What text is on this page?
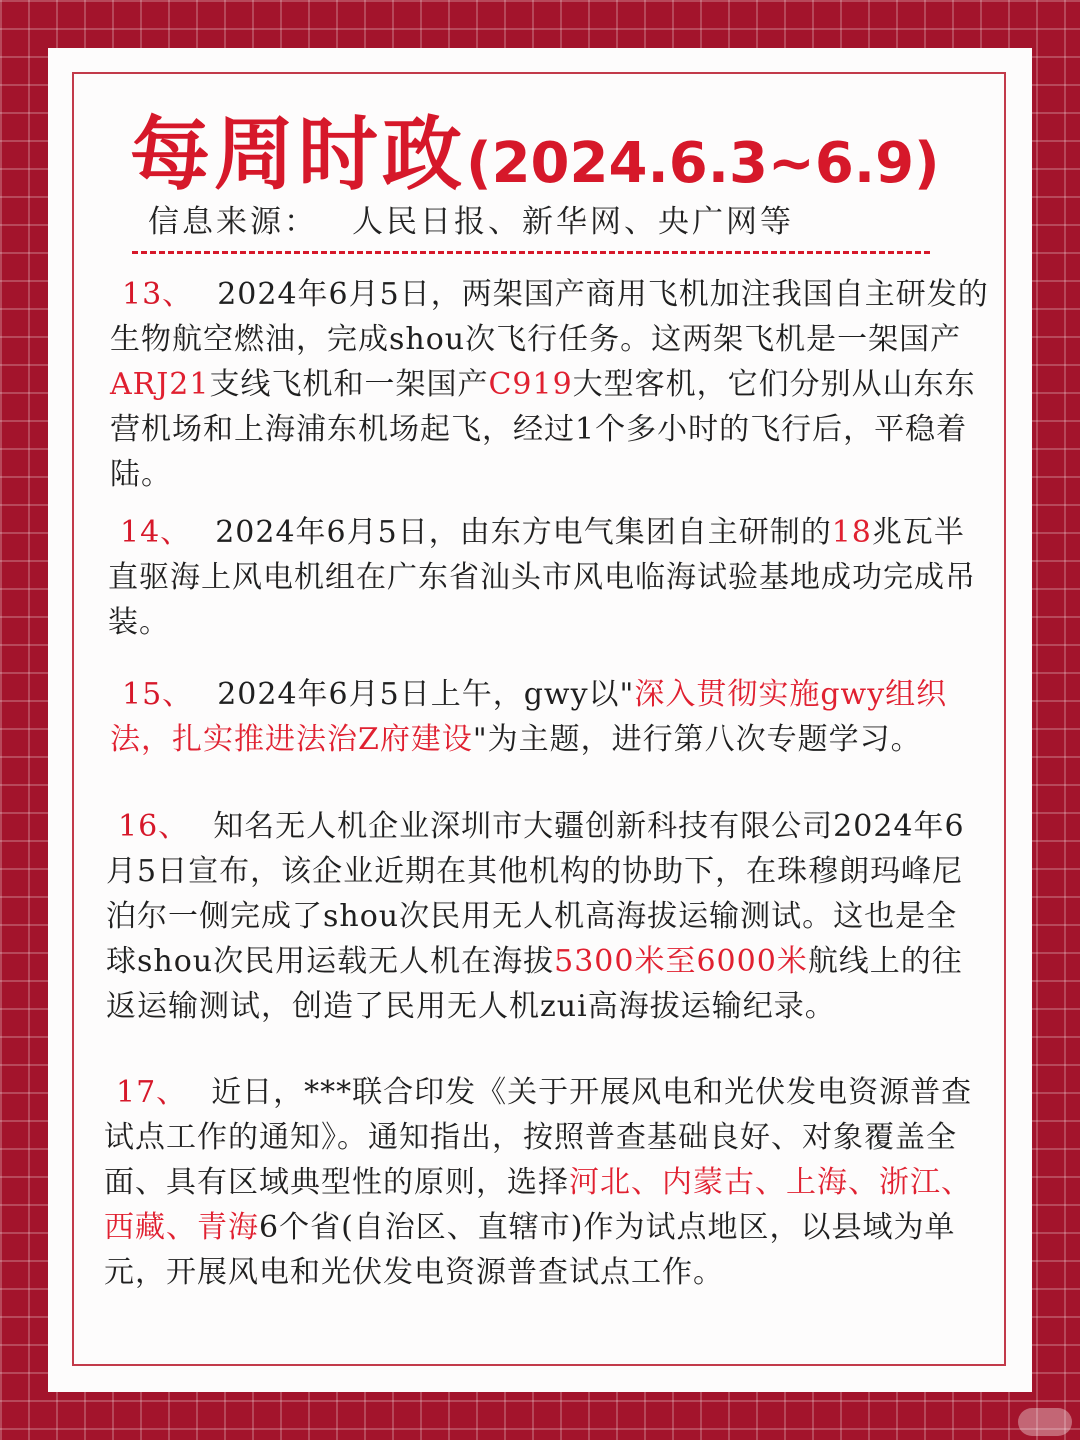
每周时政(2024.6.3~6.9)
信息来源： 人民日报、新华网、央广网等
13、 2024年6月5日，两架国产商用飞机加注我国自主研发的生物航空燃油，完成shou次飞行任务。这两架飞机是一架国产ARJ21支线飞机和一架国产C919大型客机，它们分别从山东东营机场和上海浦东机场起飞，经过1个多小时的飞行后，平稳着陆。
14、 2024年6月5日，由东方电气集团自主研制的18兆瓦半直驱海上风电机组在广东省汕头市风电临海试验基地成功完成吊装。
15、 2024年6月5日上午，gwy以"深入贯彻实施gwy组织法，扎实推进法治Z府建设"为主题，进行第八次专题学习。
16、 知名无人机企业深圳市大疆创新科技有限公司2024年6月5日宣布，该企业近期在其他机构的协助下，在珠穆朗玛峰尼泊尔一侧完成了shou次民用无人机高海拔运输测试。这也是全球shou次民用运载无人机在海拔5300米至6000米航线上的往返运输测试，创造了民用无人机zui高海拔运输纪录。
17、 近日，***联合印发《关于开展风电和光伏发电资源普查试点工作的通知》。通知指出，按照普查基础良好、对象覆盖全面、具有区域典型性的原则，选择河北、内蒙古、上海、浙江、西藏、青海6个省(自治区、直辖市)作为试点地区，以县域为单元，开展风电和光伏发电资源普查试点工作。
